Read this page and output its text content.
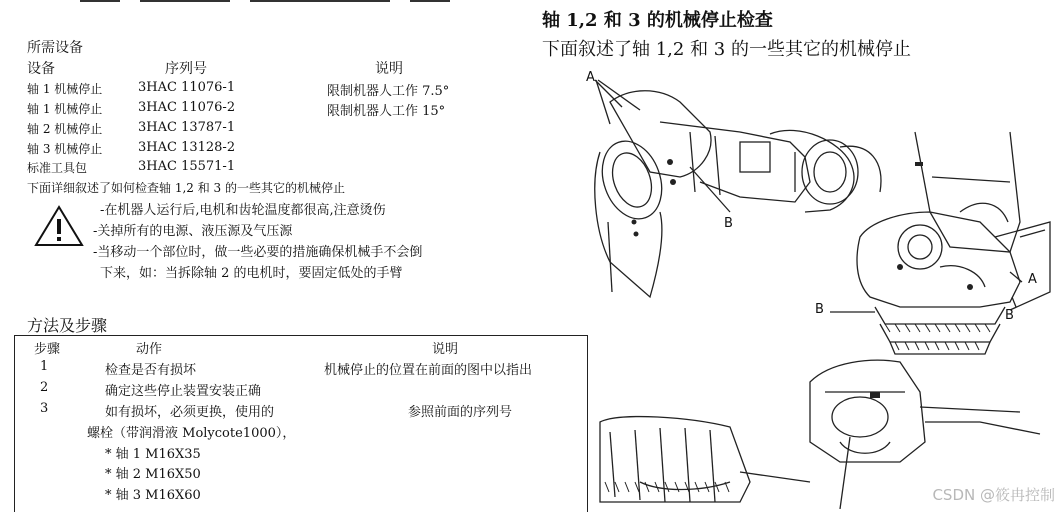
所需设备
设备	序列号	说明
轴 1 机械停止	3HAC 11076-1	限制机器人工作 7.5°
轴 1 机械停止	3HAC 11076-2	限制机器人工作 15°
轴 2 机械停止	3HAC 13787-1
轴 3 机械停止	3HAC 13128-2
标准工具包	3HAC 15571-1
下面详细叙述了如何检查轴 1,2 和 3 的一些其它的机械停止
-在机器人运行后,电机和齿轮温度都很高,注意烫伤
-关掉所有的电源、液压源及气压源
-当移动一个部位时，做一些必要的措施确保机械手不会倒
下来，如：当拆除轴 2 的电机时，要固定低处的手臂
方法及步骤
步骤	动作	说明
1	检查是否有损坏	机械停止的位置在前面的图中以指出
2	确定这些停止装置安装正确
3	如有损坏，必须更换，使用的	参照前面的序列号
螺栓（带润滑液 Molycote1000），
* 轴 1 M16X35
* 轴 2 M16X50
* 轴 3 M16X60
轴 1,2 和 3 的机械停止检查
下面叙述了轴 1,2 和 3 的一些其它的机械停止
A
B
A
B	B
CSDN @筱冉控制
